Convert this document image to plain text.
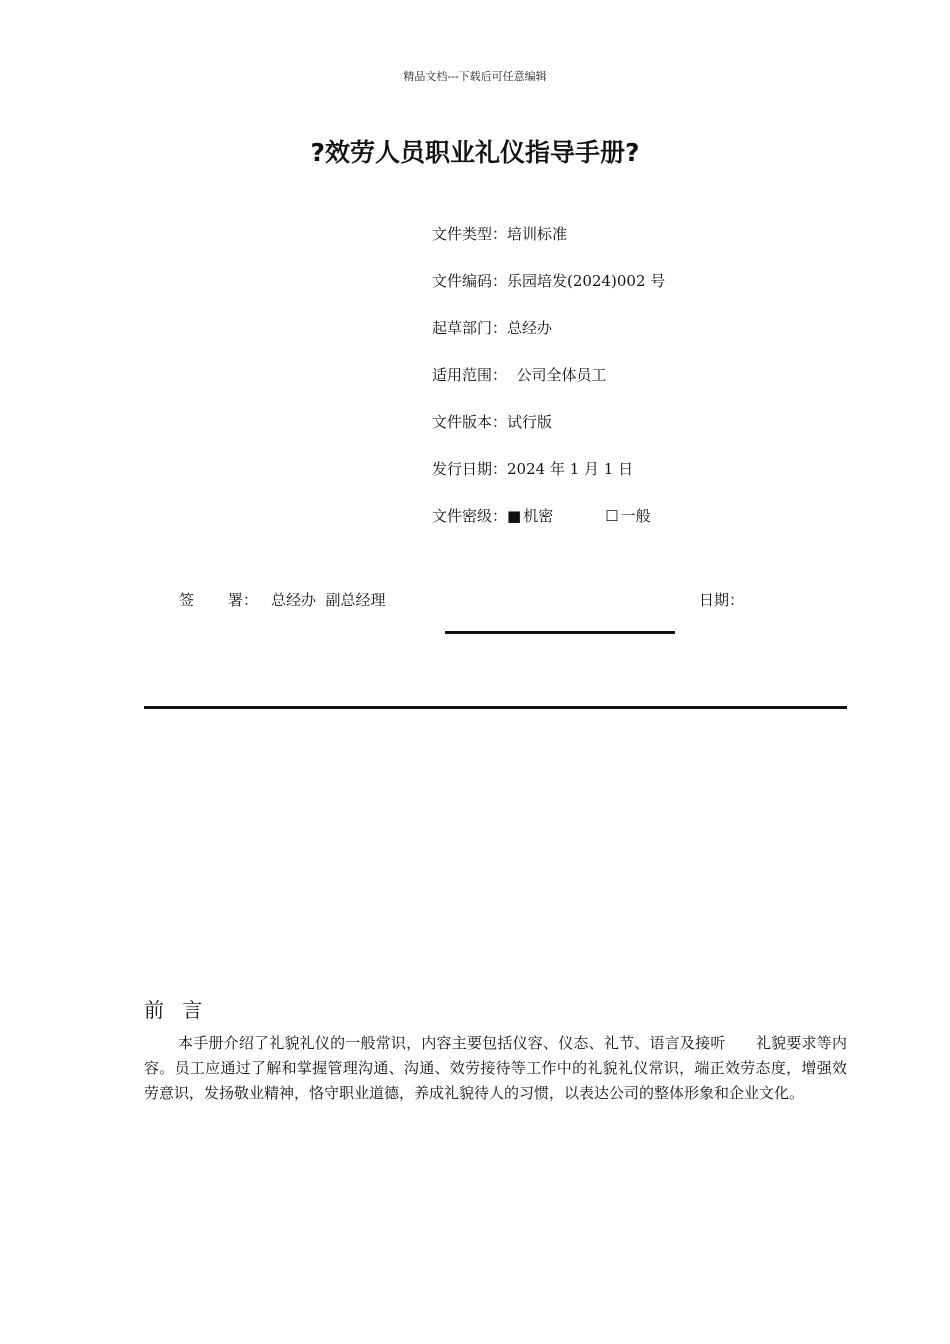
精品文档---下载后可任意编辑
?效劳人员职业礼仪指导手册?
文件类型：培训标准
文件编码：乐园培发(2024)002 号
起草部门：总经办
适用范围：  公司全体员工
文件版本：试行版
发行日期：2024 年 1 月 1 日
文件密级：■ 机密	☐ 一般
签 署： 总经办  副总经理	日期：
前 言
本手册介绍了礼貌礼仪的一般常识，内容主要包括仪容、仪态、礼节、语言及接听　　礼貌要求等内容。员工应通过了解和掌握管理沟通、沟通、效劳接待等工作中的礼貌礼仪常识，端正效劳态度，增强效劳意识，发扬敬业精神，恪守职业道德，养成礼貌待人的习惯，以表达公司的整体形象和企业文化。
